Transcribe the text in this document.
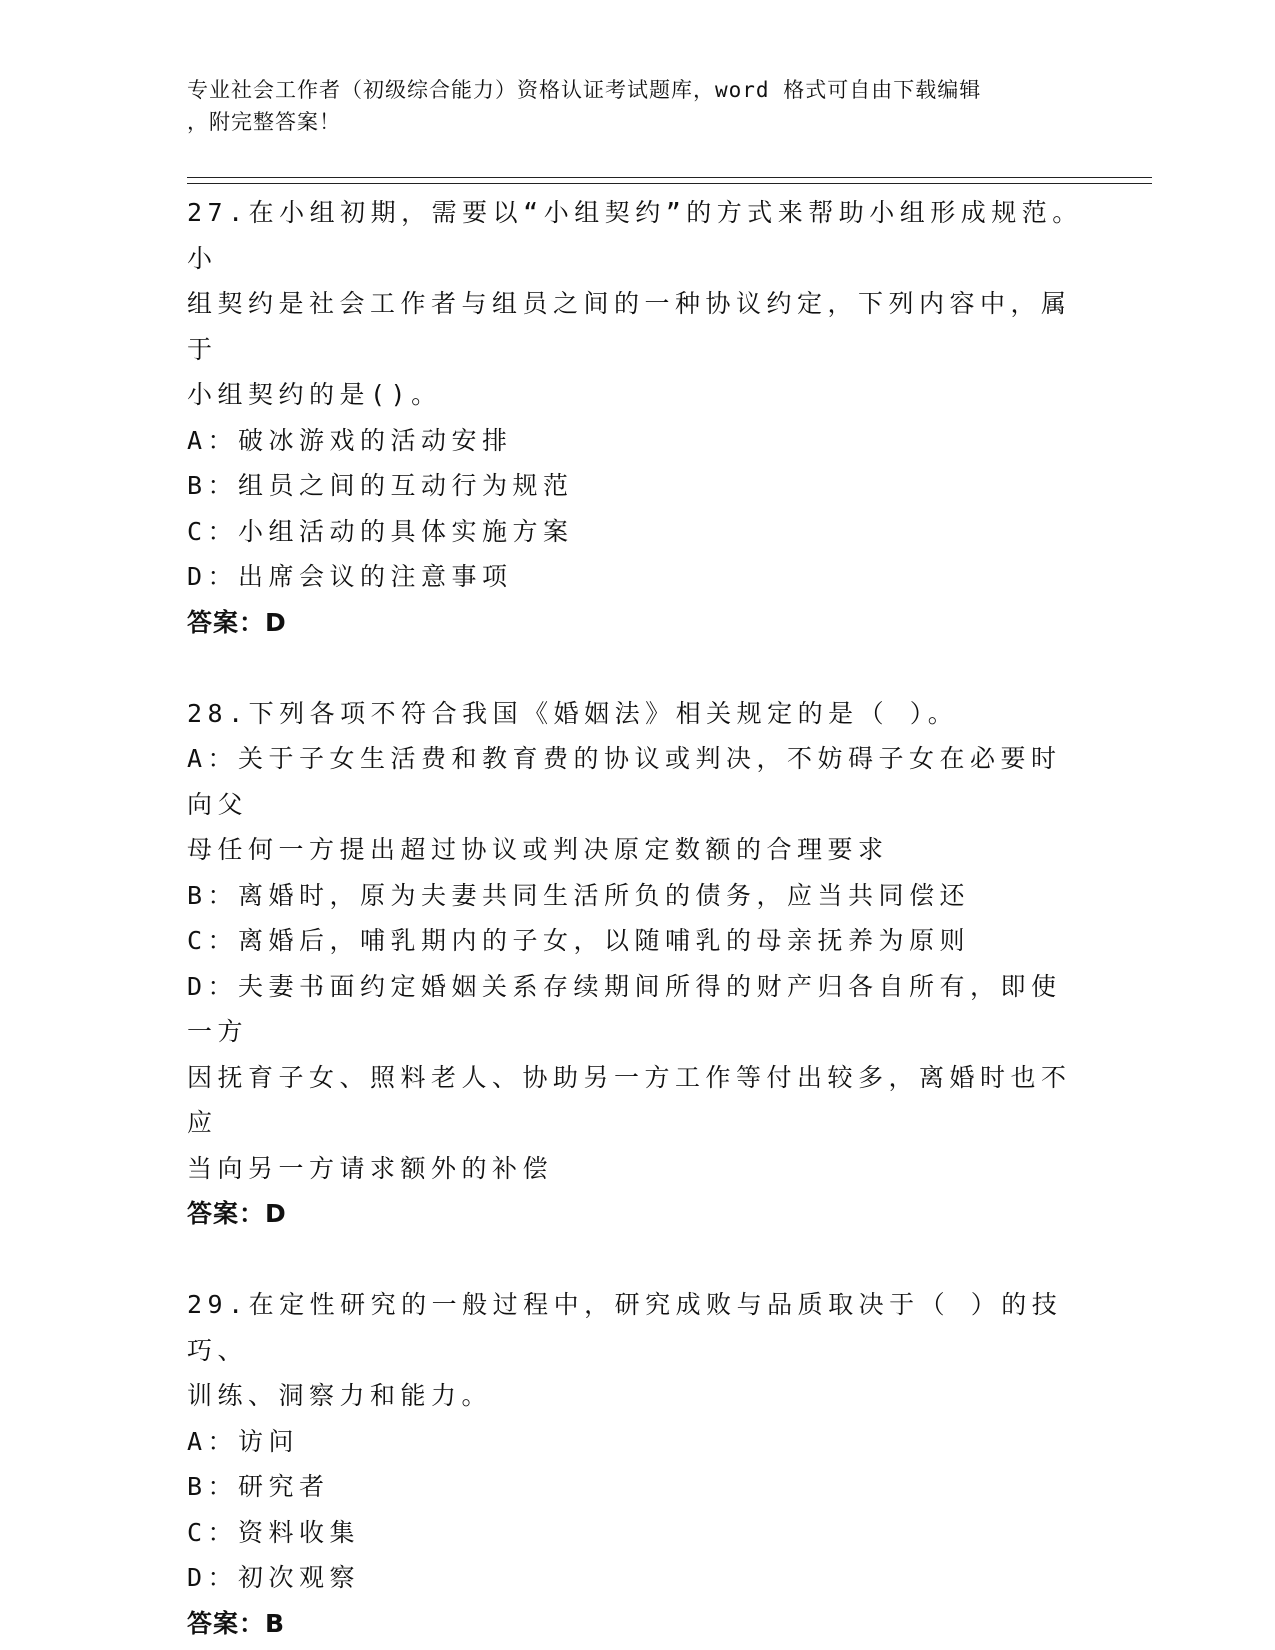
专业社会工作者（初级综合能力）资格认证考试题库，word 格式可自由下载编辑
，附完整答案！
27.在小组初期，需要以“小组契约”的方式来帮助小组形成规范。小
组契约是社会工作者与组员之间的一种协议约定，下列内容中，属于
小组契约的是()。
A：破冰游戏的活动安排
B：组员之间的互动行为规范
C：小组活动的具体实施方案
D：出席会议的注意事项
答案：D
28.下列各项不符合我国《婚姻法》相关规定的是（ ）。
A：关于子女生活费和教育费的协议或判决，不妨碍子女在必要时向父
母任何一方提出超过协议或判决原定数额的合理要求
B：离婚时，原为夫妻共同生活所负的债务，应当共同偿还
C：离婚后，哺乳期内的子女，以随哺乳的母亲抚养为原则
D：夫妻书面约定婚姻关系存续期间所得的财产归各自所有，即使一方
因抚育子女、照料老人、协助另一方工作等付出较多，离婚时也不应
当向另一方请求额外的补偿
答案：D
29.在定性研究的一般过程中，研究成败与品质取决于（ ）的技巧、
训练、洞察力和能力。
A：访问
B：研究者
C：资料收集
D：初次观察
答案：B
